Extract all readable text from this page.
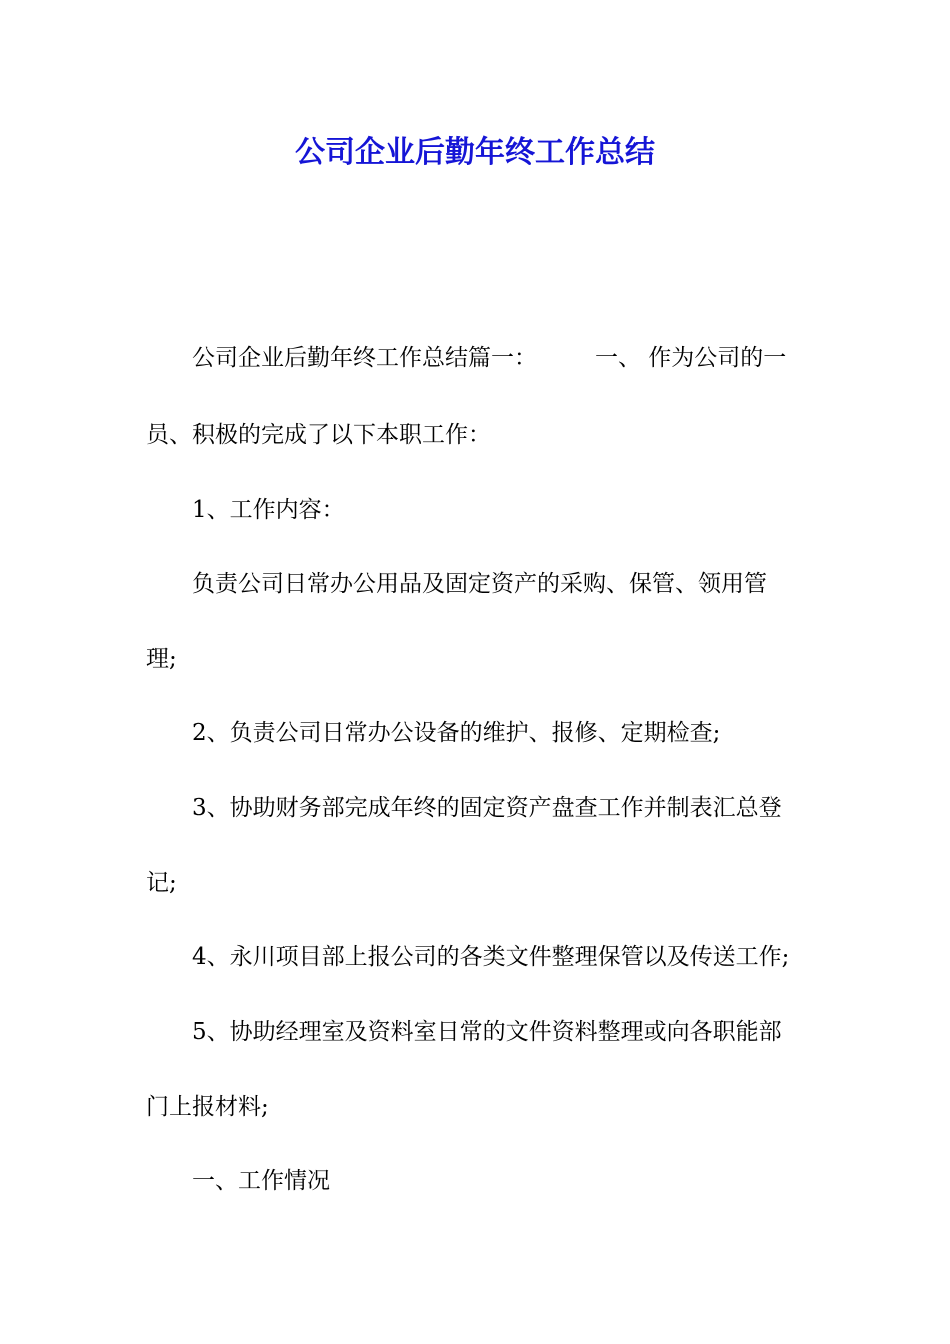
公司企业后勤年终工作总结

公司企业后勤年终工作总结篇一：	一、 作为公司的一

员、积极的完成了以下本职工作：

1、工作内容：

负责公司日常办公用品及固定资产的采购、保管、领用管

理;

2、负责公司日常办公设备的维护、报修、定期检查;

3、协助财务部完成年终的固定资产盘查工作并制表汇总登

记;

4、永川项目部上报公司的各类文件整理保管以及传送工作;

5、协助经理室及资料室日常的文件资料整理或向各职能部

门上报材料;

一、工作情况
